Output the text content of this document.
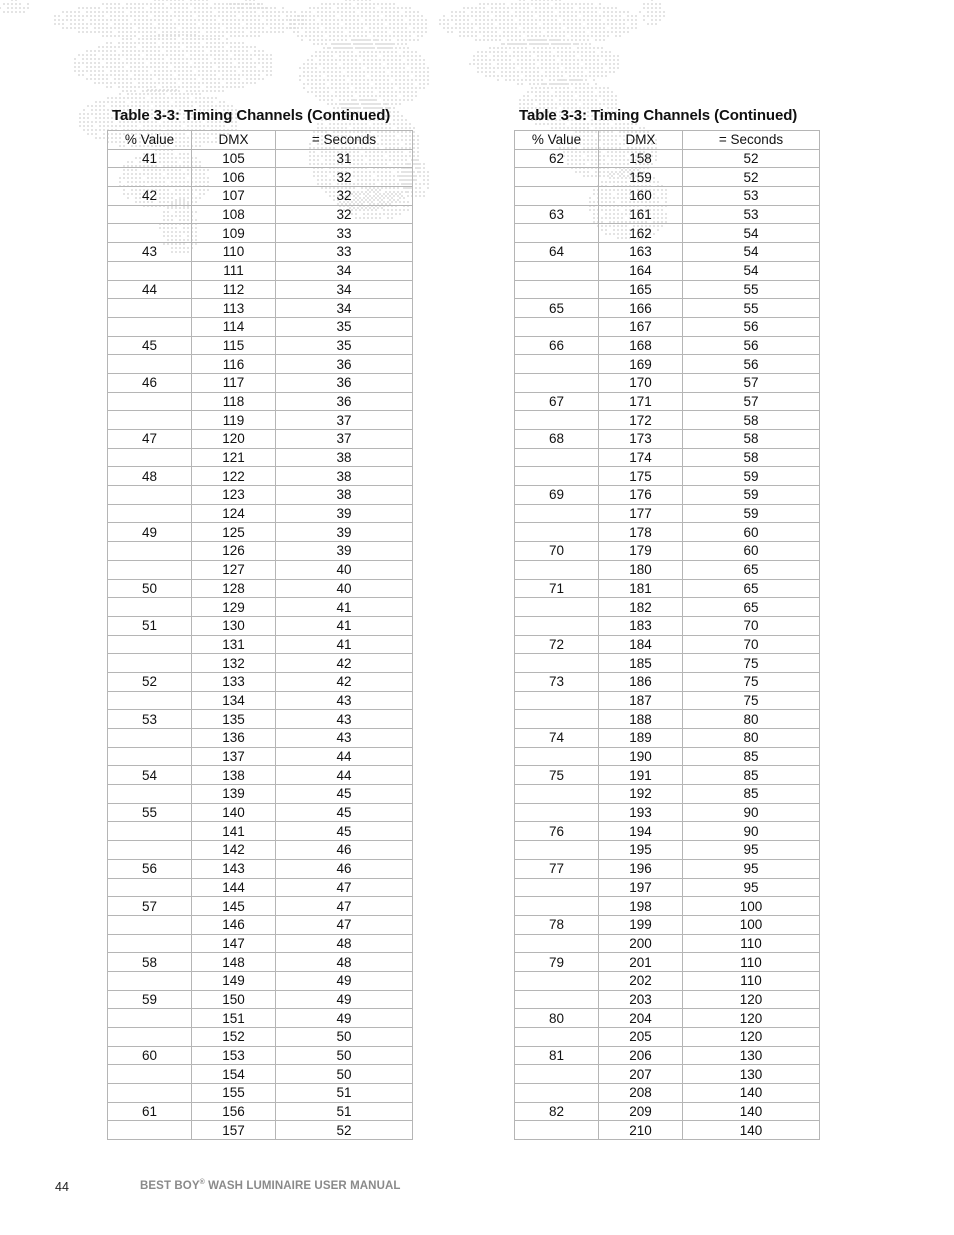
Table 3-3: Timing Channels (Continued)
% Value	DMX	= Seconds
41	105	31
	106	32
42	107	32
	108	32
	109	33
43	110	33
	111	34
44	112	34
	113	34
	114	35
45	115	35
	116	36
46	117	36
	118	36
	119	37
47	120	37
	121	38
48	122	38
	123	38
	124	39
49	125	39
	126	39
	127	40
50	128	40
	129	41
51	130	41
	131	41
	132	42
52	133	42
	134	43
53	135	43
	136	43
	137	44
54	138	44
	139	45
55	140	45
	141	45
	142	46
56	143	46
	144	47
57	145	47
	146	47
	147	48
58	148	48
	149	49
59	150	49
	151	49
	152	50
60	153	50
	154	50
	155	51
61	156	51
	157	52
Table 3-3: Timing Channels (Continued)
% Value	DMX	= Seconds
62	158	52
	159	52
	160	53
63	161	53
	162	54
64	163	54
	164	54
	165	55
65	166	55
	167	56
66	168	56
	169	56
	170	57
67	171	57
	172	58
68	173	58
	174	58
	175	59
69	176	59
	177	59
	178	60
70	179	60
	180	65
71	181	65
	182	65
	183	70
72	184	70
	185	75
73	186	75
	187	75
	188	80
74	189	80
	190	85
75	191	85
	192	85
	193	90
76	194	90
	195	95
77	196	95
	197	95
	198	100
78	199	100
	200	110
79	201	110
	202	110
	203	120
80	204	120
	205	120
81	206	130
	207	130
	208	140
82	209	140
	210	140
44	BEST BOY® WASH LUMINAIRE USER MANUAL
